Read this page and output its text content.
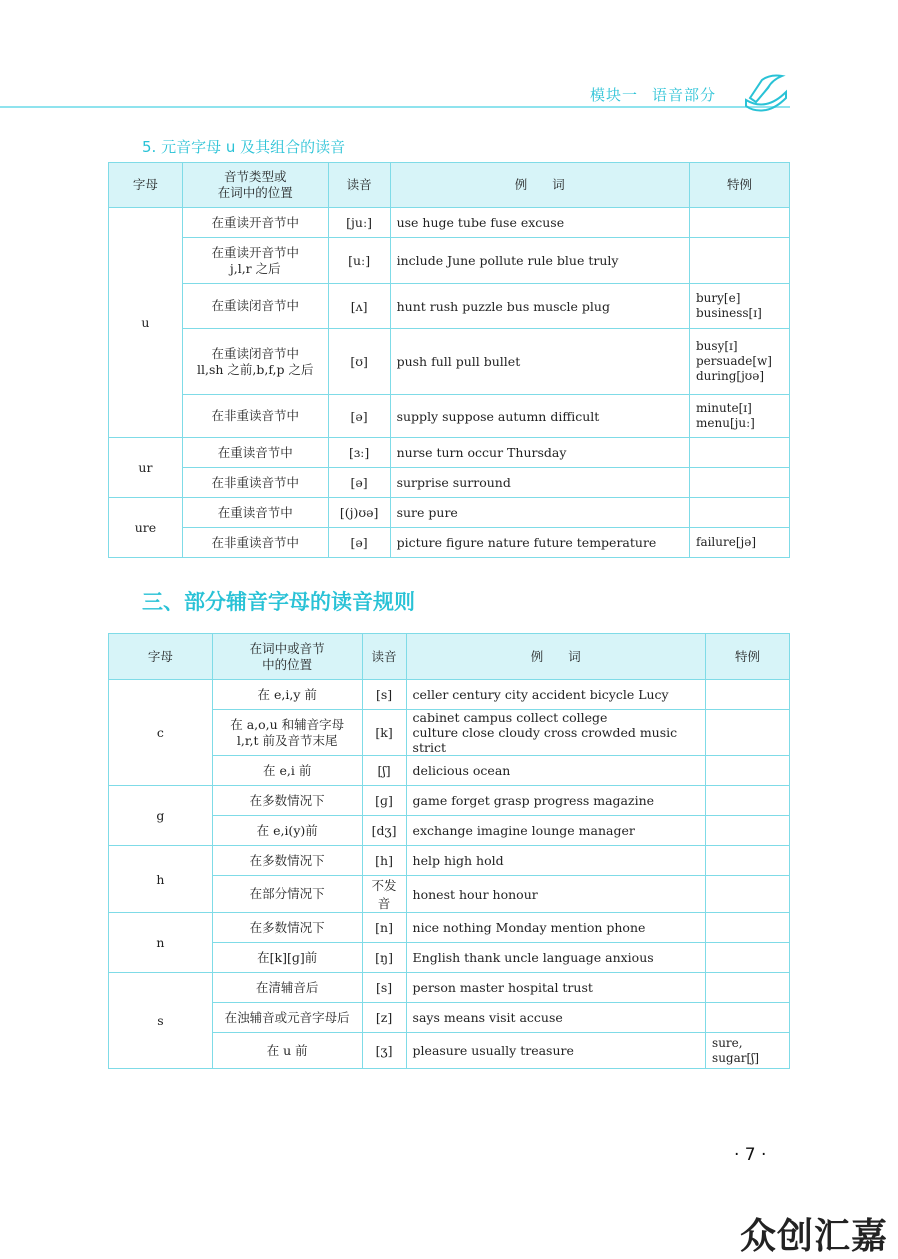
模块一 语音部分
5. 元音字母 u 及其组合的读音
字母	音节类型或
在词中的位置	读音	例　　词	特例
u	在重读开音节中	[juː]	use huge tube fuse excuse	
	在重读开音节中
j,l,r 之后	[uː]	include June pollute rule blue truly	
	在重读闭音节中	[ʌ]	hunt rush puzzle bus muscle plug	bury[e]
business[ɪ]
	在重读闭音节中
ll,sh 之前,b,f,p 之后	[ʊ]	push full pull bullet	busy[ɪ]
persuade[w]
during[jʊə]
	在非重读音节中	[ə]	supply suppose autumn difficult	minute[ɪ]
menu[juː]
ur	在重读音节中	[ɜː]	nurse turn occur Thursday	
	在非重读音节中	[ə]	surprise surround	
ure	在重读音节中	[(j)ʊə]	sure pure	
	在非重读音节中	[ə]	picture figure nature future temperature	failure[jə]
三、部分辅音字母的读音规则
字母	在词中或音节
中的位置	读音	例　　词	特例
c	在 e,i,y 前	[s]	celler century city accident bicycle Lucy	
	在 a,o,u 和辅音字母
l,r,t 前及音节末尾	[k]	cabinet campus collect college
culture close cloudy cross crowded music strict	
	在 e,i 前	[ʃ]	delicious ocean	
g	在多数情况下	[ɡ]	game forget grasp progress magazine	
	在 e,i(y)前	[dʒ]	exchange imagine lounge manager	
h	在多数情况下	[h]	help high hold	
	在部分情况下	不发音	honest hour honour	
n	在多数情况下	[n]	nice nothing Monday mention phone	
	在[k][ɡ]前	[ŋ]	English thank uncle language anxious	
s	在清辅音后	[s]	person master hospital trust	
	在浊辅音或元音字母后	[z]	says means visit accuse	
	在 u 前	[ʒ]	pleasure usually treasure	sure,
sugar[ʃ]
· 7 ·
众创汇嘉
